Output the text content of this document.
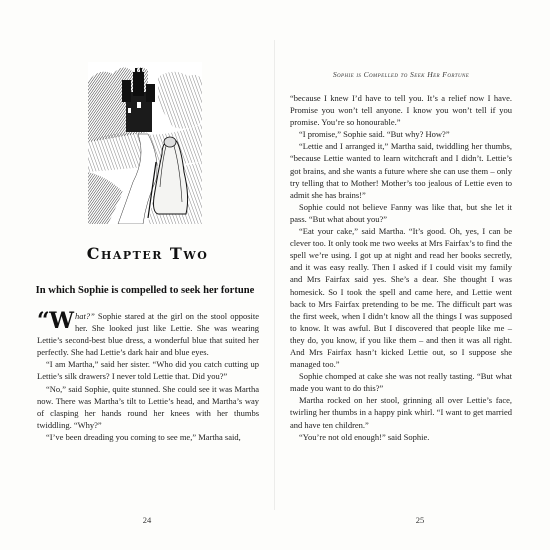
Chapter Two
In which Sophie is compelled to seek her fortune

“What?” Sophie stared at the girl on the stool opposite her. She looked just like Lettie. She was wearing Lettie’s second-best blue dress, a wonderful blue that suited her perfectly. She had Lettie’s dark hair and blue eyes.

“I am Martha,” said her sister. “Who did you catch cutting up Lettie’s silk drawers? I never told Lettie that. Did you?”

“No,” said Sophie, quite stunned. She could see it was Martha now. There was Martha’s tilt to Lettie’s head, and Martha’s way of clasping her hands round her knees with her thumbs twiddling. “Why?”

“I’ve been dreading you coming to see me,” Martha said,

24
Sophie is Compelled to Seek Her Fortune

“because I knew I’d have to tell you. It’s a relief now I have. Promise you won’t tell anyone. I know you won’t tell if you promise. You’re so honourable.”

“I promise,” Sophie said. “But why? How?”

“Lettie and I arranged it,” Martha said, twiddling her thumbs, “because Lettie wanted to learn witchcraft and I didn’t. Lettie’s got brains, and she wants a future where she can use them – only try telling that to Mother! Mother’s too jealous of Lettie even to admit she has brains!”

Sophie could not believe Fanny was like that, but she let it pass. “But what about you?”

“Eat your cake,” said Martha. “It’s good. Oh, yes, I can be clever too. It only took me two weeks at Mrs Fairfax’s to find the spell we’re using. I got up at night and read her books secretly, and it was easy really. Then I asked if I could visit my family and Mrs Fairfax said yes. She’s a dear. She thought I was homesick. So I took the spell and came here, and Lettie went back to Mrs Fairfax pretending to be me. The difficult part was the first week, when I didn’t know all the things I was supposed to know. It was awful. But I discovered that people like me – they do, you know, if you like them – and then it was all right. And Mrs Fairfax hasn’t kicked Lettie out, so I suppose she managed too.”

Sophie chomped at cake she was not really tasting. “But what made you want to do this?”

Martha rocked on her stool, grinning all over Lettie’s face, twirling her thumbs in a happy pink whirl. “I want to get married and have ten children.”

“You’re not old enough!” said Sophie.

25
